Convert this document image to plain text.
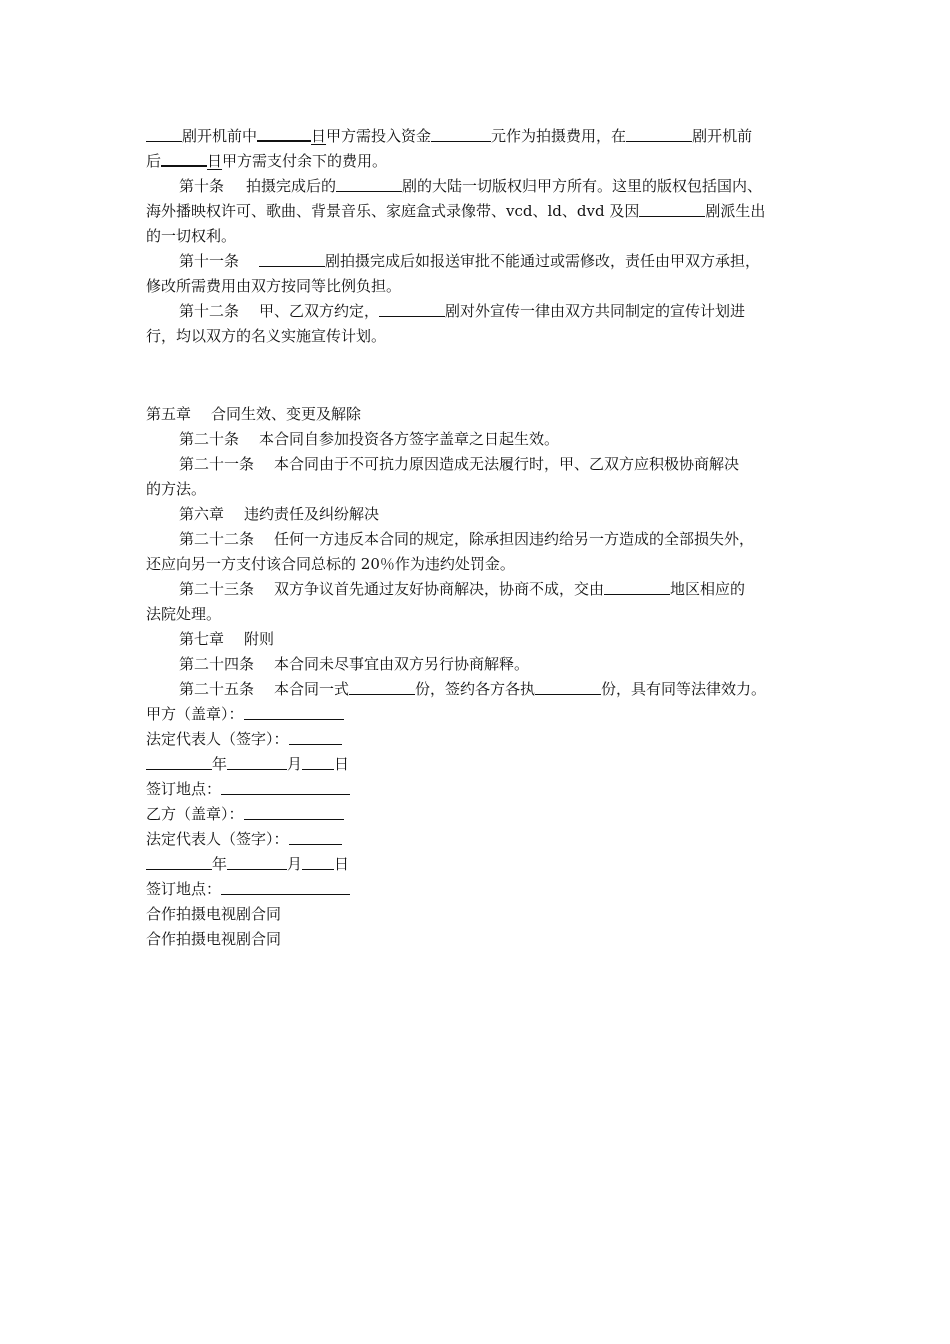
剧开机前中	日甲方需投入资金	元作为拍摄费用，在	剧开机前
后	日甲方需支付余下的费用。
第十条 拍摄完成后的	剧的大陆一切版权归甲方所有。这里的版权包括国内、
海外播映权许可、歌曲、背景音乐、家庭盒式录像带、vcd、ld、dvd 及因	剧派生出
的一切权利。
第十一条	剧拍摄完成后如报送审批不能通过或需修改，责任由甲双方承担，
修改所需费用由双方按同等比例负担。
第十二条 甲、乙双方约定，	剧对外宣传一律由双方共同制定的宣传计划进
行，均以双方的名义实施宣传计划。
第五章 合同生效、变更及解除
第二十条 本合同自参加投资各方签字盖章之日起生效。
第二十一条 本合同由于不可抗力原因造成无法履行时，甲、乙双方应积极协商解决
的方法。
第六章 违约责任及纠纷解决
第二十二条 任何一方违反本合同的规定，除承担因违约给另一方造成的全部损失外，
还应向另一方支付该合同总标的 20％作为违约处罚金。
第二十三条 双方争议首先通过友好协商解决，协商不成，交由	地区相应的
法院处理。
第七章 附则
第二十四条 本合同未尽事宜由双方另行协商解释。
第二十五条 本合同一式	份，签约各方各执	份，具有同等法律效力。
甲方（盖章）：
法定代表人（签字）：
年	月 日
签订地点：
乙方（盖章）：
法定代表人（签字）：
年	月 日
签订地点：
合作拍摄电视剧合同
合作拍摄电视剧合同
